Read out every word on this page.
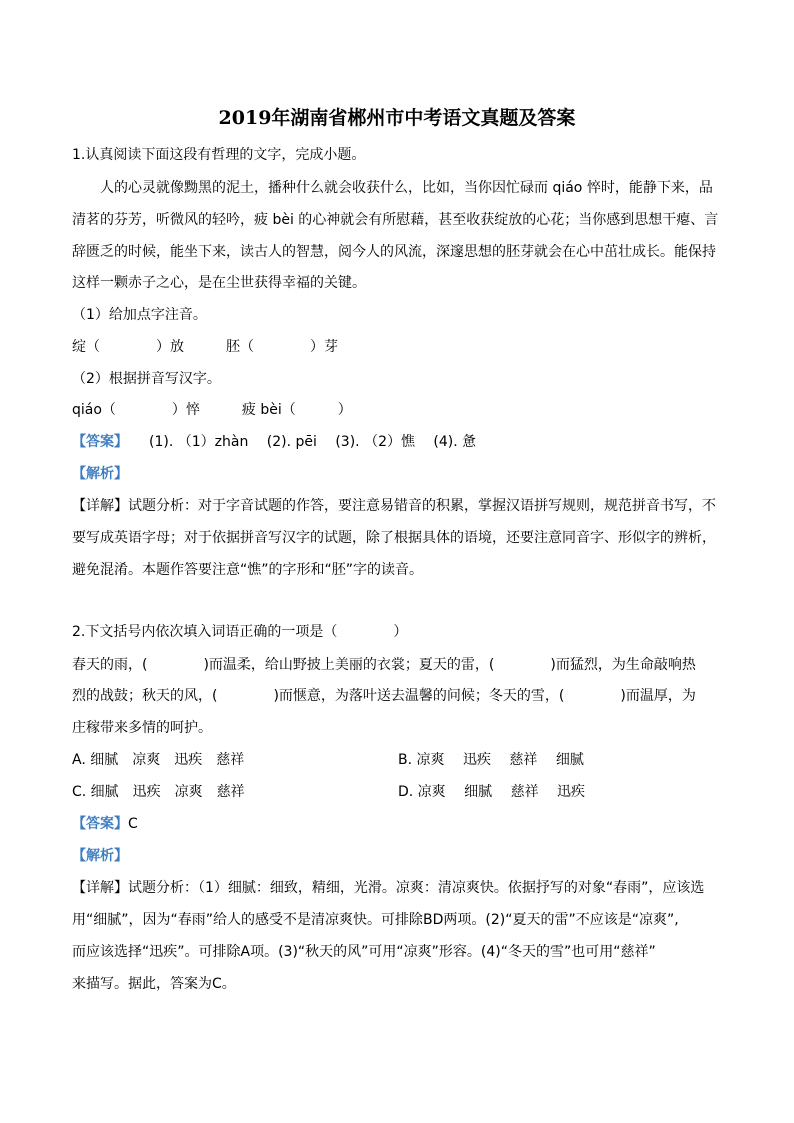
2019年湖南省郴州市中考语文真题及答案
1.认真阅读下面这段有哲理的文字，完成小题。
人的心灵就像黝黑的泥土，播种什么就会收获什么，比如，当你因忙碌而 qiáo 悴时，能静下来，品
清茗的芬芳，听微风的轻吟，疲 bèi 的心神就会有所慰藉，甚至收获绽放的心花；当你感到思想干瘪、言
辞匮乏的时候，能坐下来，读古人的智慧，阅今人的风流，深邃思想的胚芽就会在心中茁壮成长。能保持
这样一颗赤子之心，是在尘世获得幸福的关键。
（1）给加点字注音。
绽（　　　　）放　　　胚（　　　　）芽
（2）根据拼音写汉字。
qiáo（　　　　）悴　　　疲 bèi（　　　）
【答案】　　(1). （1）zhàn　 (2). pēi　 (3). （2）憔　 (4). 惫
【解析】
【详解】试题分析：对于字音试题的作答，要注意易错音的积累，掌握汉语拼写规则，规范拼音书写，不
要写成英语字母；对于依据拼音写汉字的试题，除了根据具体的语境，还要注意同音字、形似字的辨析，
避免混淆。本题作答要注意“憔”的字形和“胚”字的读音。
2.下文括号内依次填入词语正确的一项是（　　　　）
春天的雨，(　　　　)而温柔，给山野披上美丽的衣裳；夏天的雷，(　　　　)而猛烈，为生命敲响热
烈的战鼓；秋天的风，(　　　　)而惬意，为落叶送去温馨的问候；冬天的雪，(　　　　)而温厚，为
庄稼带来多情的呵护。
A. 细腻　凉爽　迅疾　慈祥	B. 凉爽　 迅疾　 慈祥　 细腻
C. 细腻　迅疾　凉爽　慈祥	D. 凉爽　 细腻　 慈祥　 迅疾
【答案】C
【解析】
【详解】试题分析：（1）细腻：细致，精细，光滑。凉爽：清凉爽快。依据抒写的对象“春雨”，应该选
用“细腻”，因为“春雨”给人的感受不是清凉爽快。可排除BD两项。(2)“夏天的雷”不应该是“凉爽”,
而应该选择“迅疾”。可排除A项。(3)“秋天的风”可用“凉爽”形容。(4)“冬天的雪”也可用“慈祥”
来描写。据此，答案为C。
